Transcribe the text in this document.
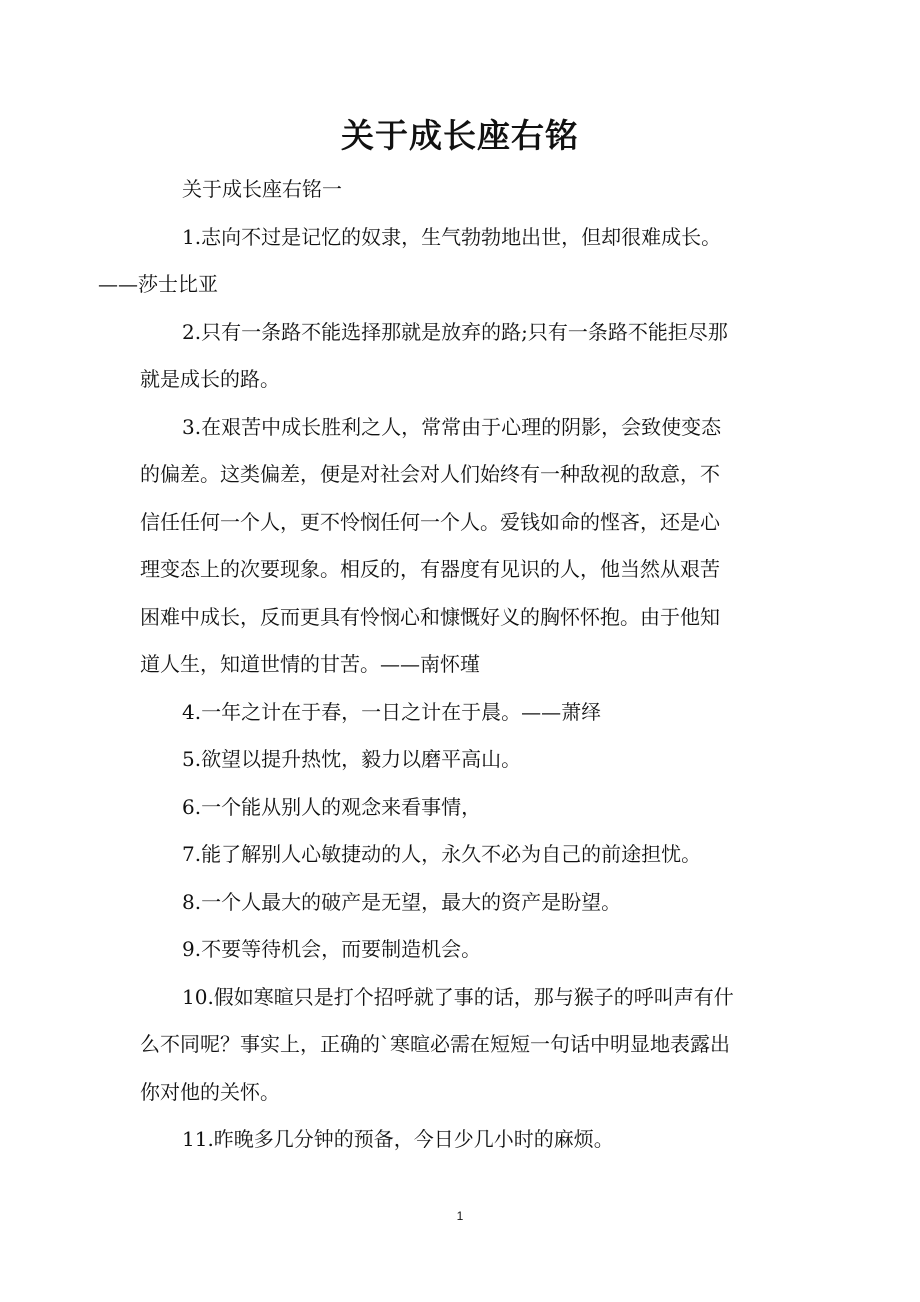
关于成长座右铭

关于成长座右铭一

1.志向不过是记忆的奴隶，生气勃勃地出世，但却很难成长。
——莎士比亚

2.只有一条路不能选择那就是放弃的路;只有一条路不能拒尽那
就是成长的路。

3.在艰苦中成长胜利之人，常常由于心理的阴影，会致使变态
的偏差。这类偏差，便是对社会对人们始终有一种敌视的敌意，不
信任任何一个人，更不怜悯任何一个人。爱钱如命的悭吝，还是心
理变态上的次要现象。相反的，有器度有见识的人，他当然从艰苦
困难中成长，反而更具有怜悯心和慷慨好义的胸怀怀抱。由于他知
道人生，知道世情的甘苦。——南怀瑾

4.一年之计在于春，一日之计在于晨。——萧绎

5.欲望以提升热忱，毅力以磨平高山。

6.一个能从别人的观念来看事情，

7.能了解别人心敏捷动的人，永久不必为自己的前途担忧。

8.一个人最大的破产是无望，最大的资产是盼望。

9.不要等待机会，而要制造机会。

10.假如寒暄只是打个招呼就了事的话，那与猴子的呼叫声有什
么不同呢？事实上，正确的`寒暄必需在短短一句话中明显地表露出
你对他的关怀。

11.昨晚多几分钟的预备，今日少几小时的麻烦。

1
